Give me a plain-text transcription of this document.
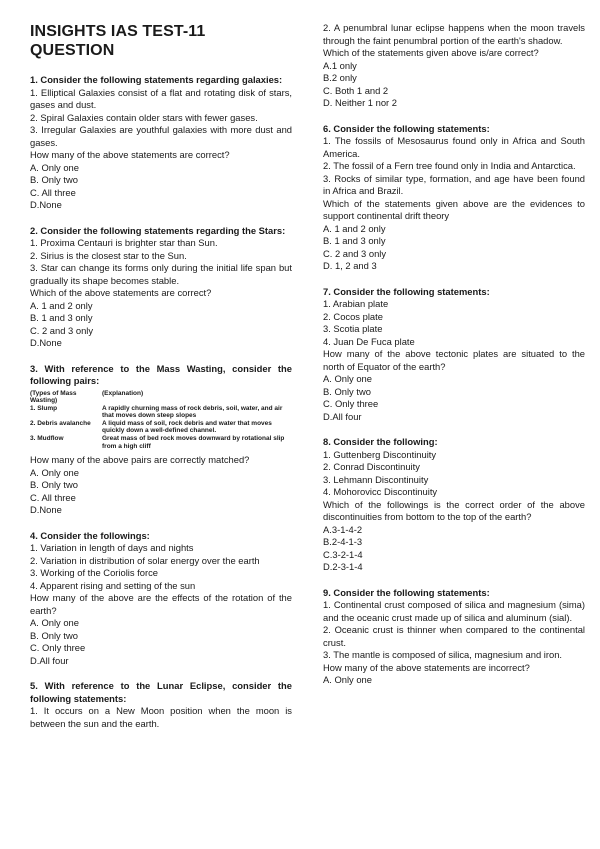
INSIGHTS IAS TEST-11 QUESTION

1. Consider the following statements regarding galaxies:

1. Elliptical Galaxies consist of a flat and rotating disk of stars, gases and dust.

2. Spiral Galaxies contain older stars with fewer gases.

3. Irregular Galaxies are youthful galaxies with more dust and gases.

How many of the above statements are correct?

A. Only one

B. Only two

C. All three

D.None

2. Consider the following statements regarding the Stars:

1. Proxima Centauri is brighter star than Sun.

2. Sirius is the closest star to the Sun.

3. Star can change its forms only during the initial life span but gradually its shape becomes stable.

Which of the above statements are correct?

A. 1 and 2 only

B. 1 and 3 only

C. 2 and 3 only

D.None

3. With reference to the Mass Wasting, consider the following pairs:

(Types of Mass Wasting)	(Explanation)
1. Slump	A rapidly churning mass of rock debris, soil, water, and air that moves down steep slopes
2. Debris avalanche	A liquid mass of soil, rock debris and water that moves quickly down a well-defined channel.
3. Mudflow	Great mass of bed rock moves downward by rotational slip from a high cliff

How many of the above pairs are correctly matched?

A. Only one

B. Only two

C. All three

D.None

4. Consider the followings:

1. Variation in length of days and nights

2. Variation in distribution of solar energy over the earth

3. Working of the Coriolis force

4. Apparent rising and setting of the sun

How many of the above are the effects of the rotation of the earth?

A. Only one

B. Only two

C. Only three

D.All four

5. With reference to the Lunar Eclipse, consider the following statements:

1. It occurs on a New Moon position when the moon is between the sun and the earth.

2. A penumbral lunar eclipse happens when the moon travels through the faint penumbral portion of the earth's shadow.

Which of the statements given above is/are correct?

A.1 only

B.2 only

C. Both 1 and 2

D. Neither 1 nor 2

6. Consider the following statements:

1. The fossils of Mesosaurus found only in Africa and South America.

2. The fossil of a Fern tree found only in India and Antarctica.

3. Rocks of similar type, formation, and age have been found in Africa and Brazil.

Which of the statements given above are the evidences to support continental drift theory

A. 1 and 2 only

B. 1 and 3 only

C. 2 and 3 only

D. 1, 2 and 3

7. Consider the following statements:

1. Arabian plate

2. Cocos plate

3. Scotia plate

4. Juan De Fuca plate

How many of the above tectonic plates are situated to the north of Equator of the earth?

A. Only one

B. Only two

C. Only three

D.All four

8. Consider the following:

1. Guttenberg Discontinuity

2. Conrad Discontinuity

3. Lehmann Discontinuity

4. Mohorovicc Discontinuity

Which of the followings is the correct order of the above discontinuities from bottom to the top of the earth?

A.3-1-4-2

B.2-4-1-3

C.3-2-1-4

D.2-3-1-4

9. Consider the following statements:

1. Continental crust composed of silica and magnesium (sima) and the oceanic crust made up of silica and aluminum (sial).

2. Oceanic crust is thinner when compared to the continental crust.

3. The mantle is composed of silica, magnesium and iron.

How many of the above statements are incorrect?

A. Only one
